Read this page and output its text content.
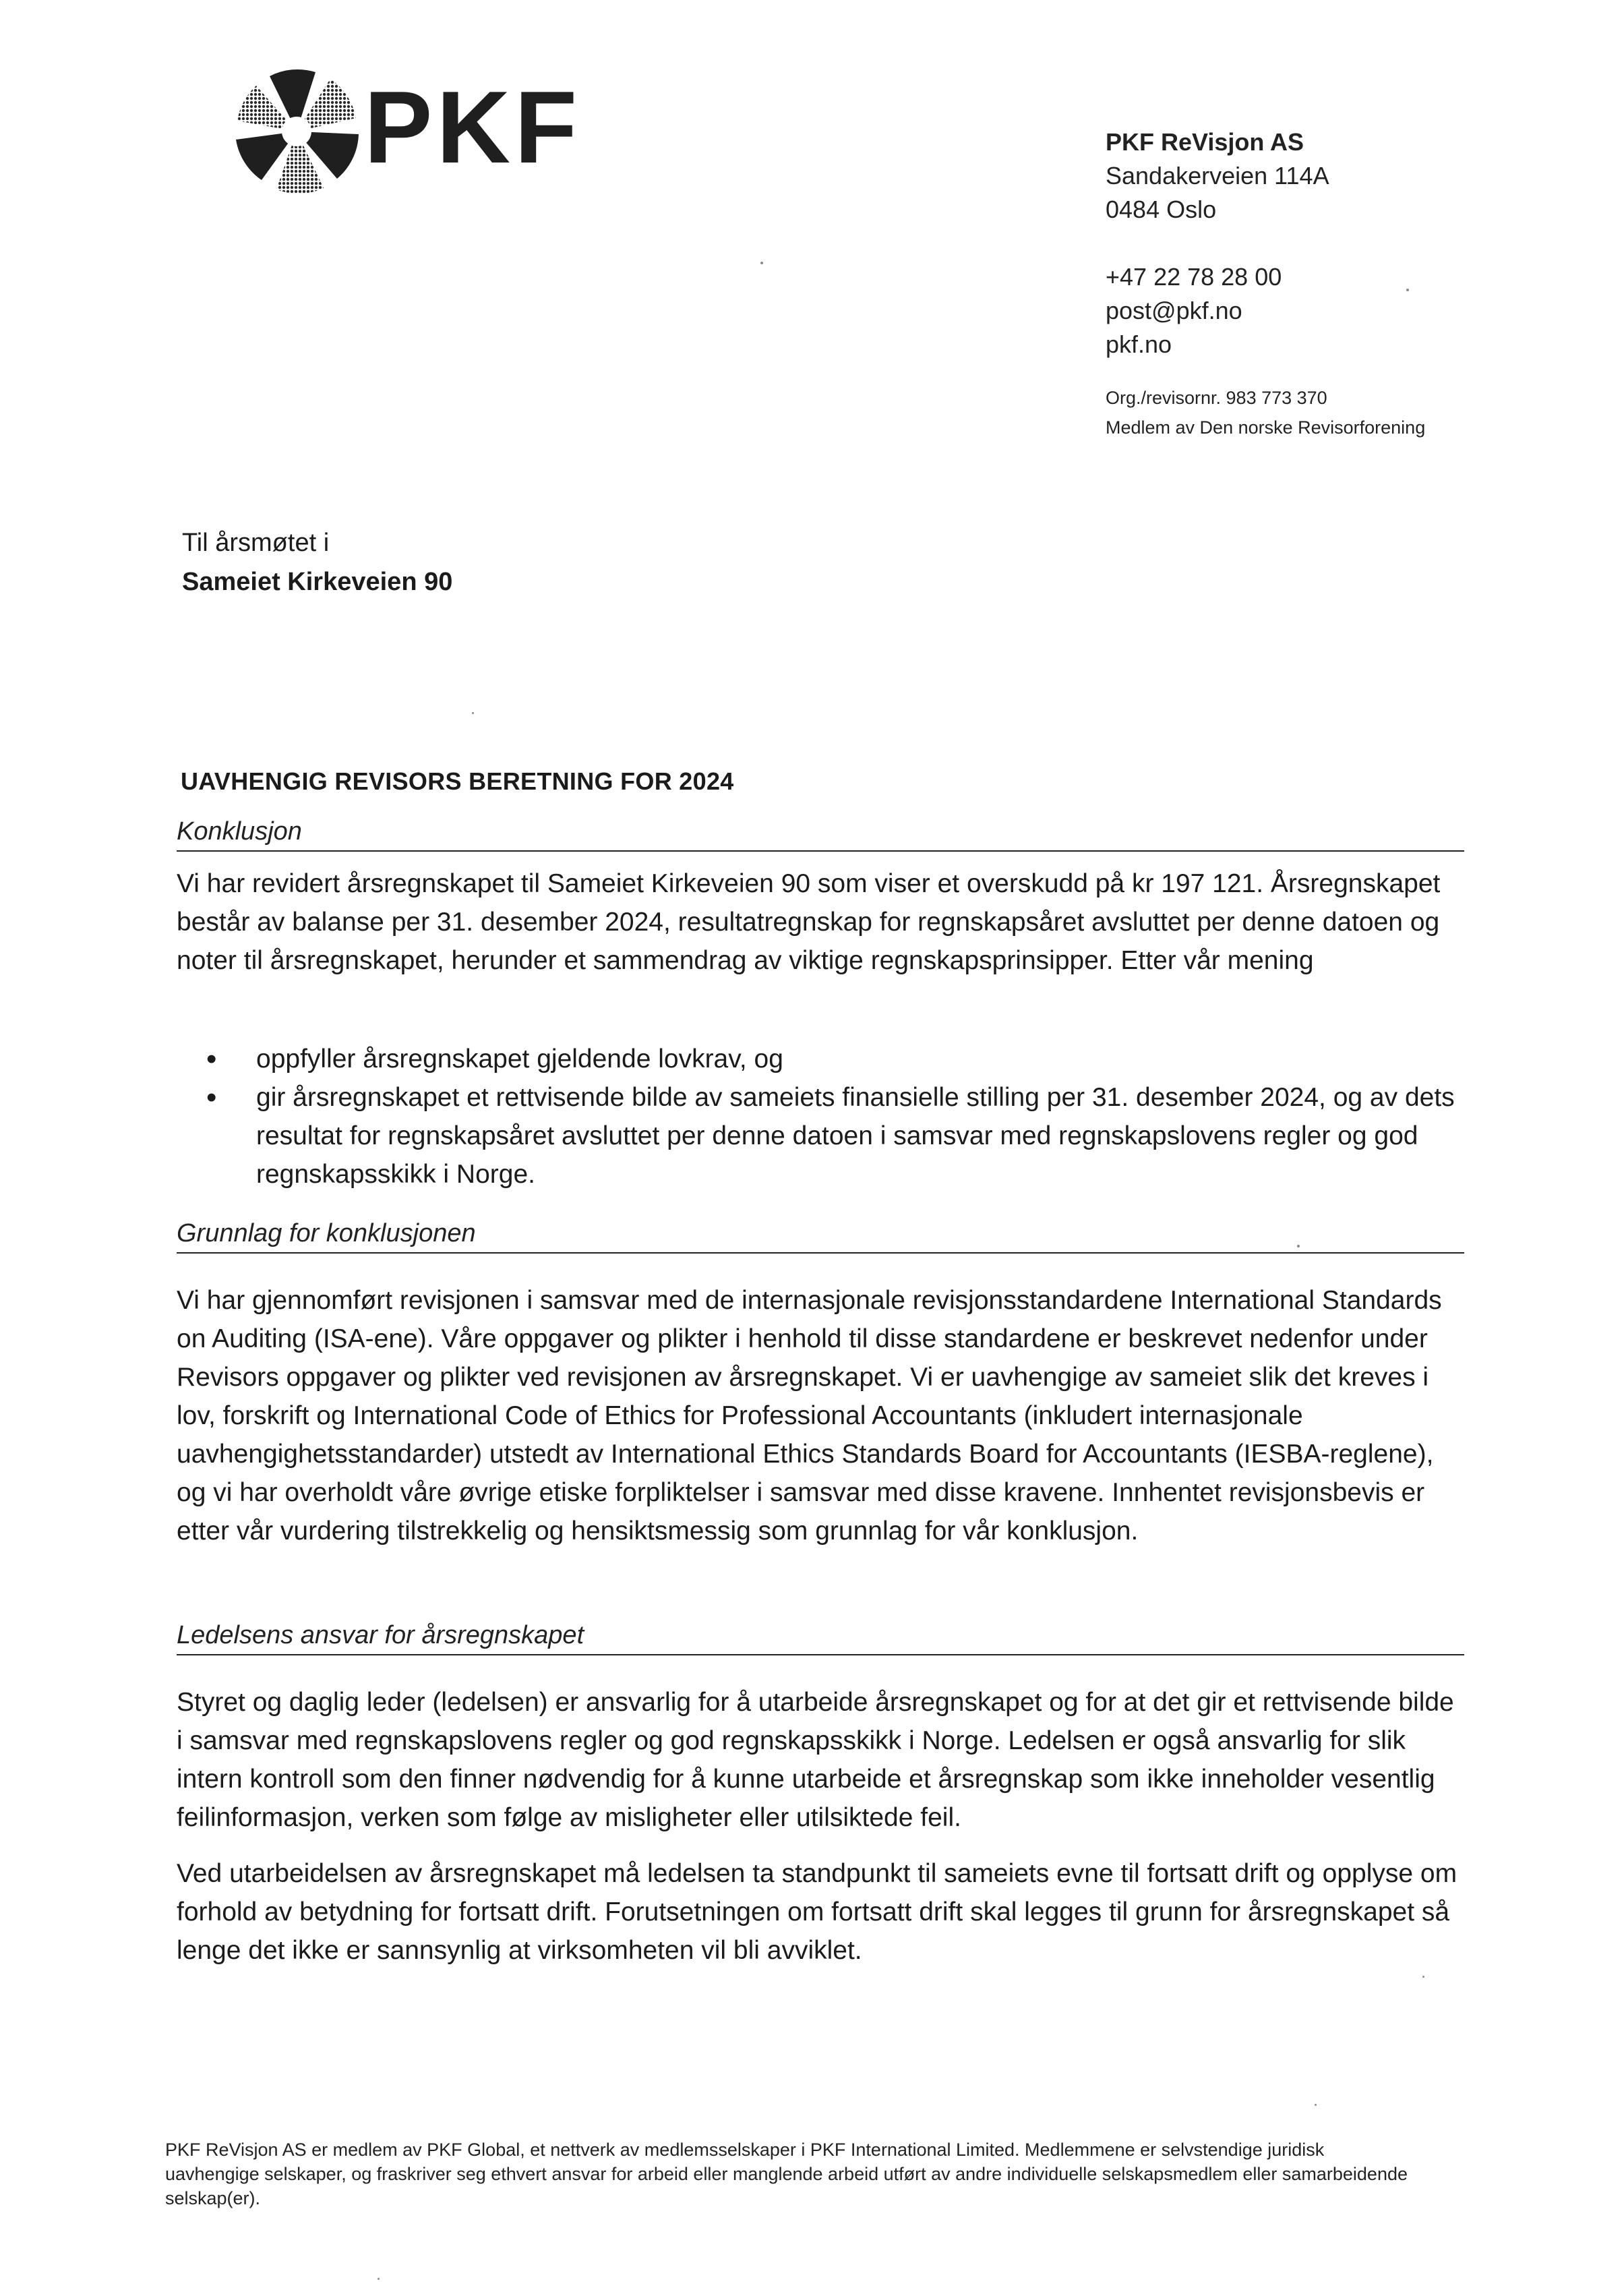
PKF	PKF ReVisjon AS
Sandakerveien 114A
0484 Oslo
+47 22 78 28 00
post@pkf.no
pkf.no
Org./revisornr. 983 773 370
Medlem av Den norske Revisorforening
Til årsmøtet i
Sameiet Kirkeveien 90
UAVHENGIG REVISORS BERETNING FOR 2024
Konklusjon
Vi har revidert årsregnskapet til Sameiet Kirkeveien 90 som viser et overskudd på kr 197 121. Årsregnskapet består av balanse per 31. desember 2024, resultatregnskap for regnskapsåret avsluttet per denne datoen og noter til årsregnskapet, herunder et sammendrag av viktige regnskapsprinsipper. Etter vår mening
• oppfyller årsregnskapet gjeldende lovkrav, og
• gir årsregnskapet et rettvisende bilde av sameiets finansielle stilling per 31. desember 2024, og av dets resultat for regnskapsåret avsluttet per denne datoen i samsvar med regnskapslovens regler og god regnskapsskikk i Norge.
Grunnlag for konklusjonen
Vi har gjennomført revisjonen i samsvar med de internasjonale revisjonsstandardene International Standards on Auditing (ISA-ene). Våre oppgaver og plikter i henhold til disse standardene er beskrevet nedenfor under Revisors oppgaver og plikter ved revisjonen av årsregnskapet. Vi er uavhengige av sameiet slik det kreves i lov, forskrift og International Code of Ethics for Professional Accountants (inkludert internasjonale uavhengighetsstandarder) utstedt av International Ethics Standards Board for Accountants (IESBA-reglene), og vi har overholdt våre øvrige etiske forpliktelser i samsvar med disse kravene. Innhentet revisjonsbevis er etter vår vurdering tilstrekkelig og hensiktsmessig som grunnlag for vår konklusjon.
Ledelsens ansvar for årsregnskapet
Styret og daglig leder (ledelsen) er ansvarlig for å utarbeide årsregnskapet og for at det gir et rettvisende bilde i samsvar med regnskapslovens regler og god regnskapsskikk i Norge. Ledelsen er også ansvarlig for slik intern kontroll som den finner nødvendig for å kunne utarbeide et årsregnskap som ikke inneholder vesentlig feilinformasjon, verken som følge av misligheter eller utilsiktede feil.
Ved utarbeidelsen av årsregnskapet må ledelsen ta standpunkt til sameiets evne til fortsatt drift og opplyse om forhold av betydning for fortsatt drift. Forutsetningen om fortsatt drift skal legges til grunn for årsregnskapet så lenge det ikke er sannsynlig at virksomheten vil bli avviklet.
PKF ReVisjon AS er medlem av PKF Global, et nettverk av medlemsselskaper i PKF International Limited. Medlemmene er selvstendige juridisk uavhengige selskaper, og fraskriver seg ethvert ansvar for arbeid eller manglende arbeid utført av andre individuelle selskapsmedlem eller samarbeidende selskap(er).
